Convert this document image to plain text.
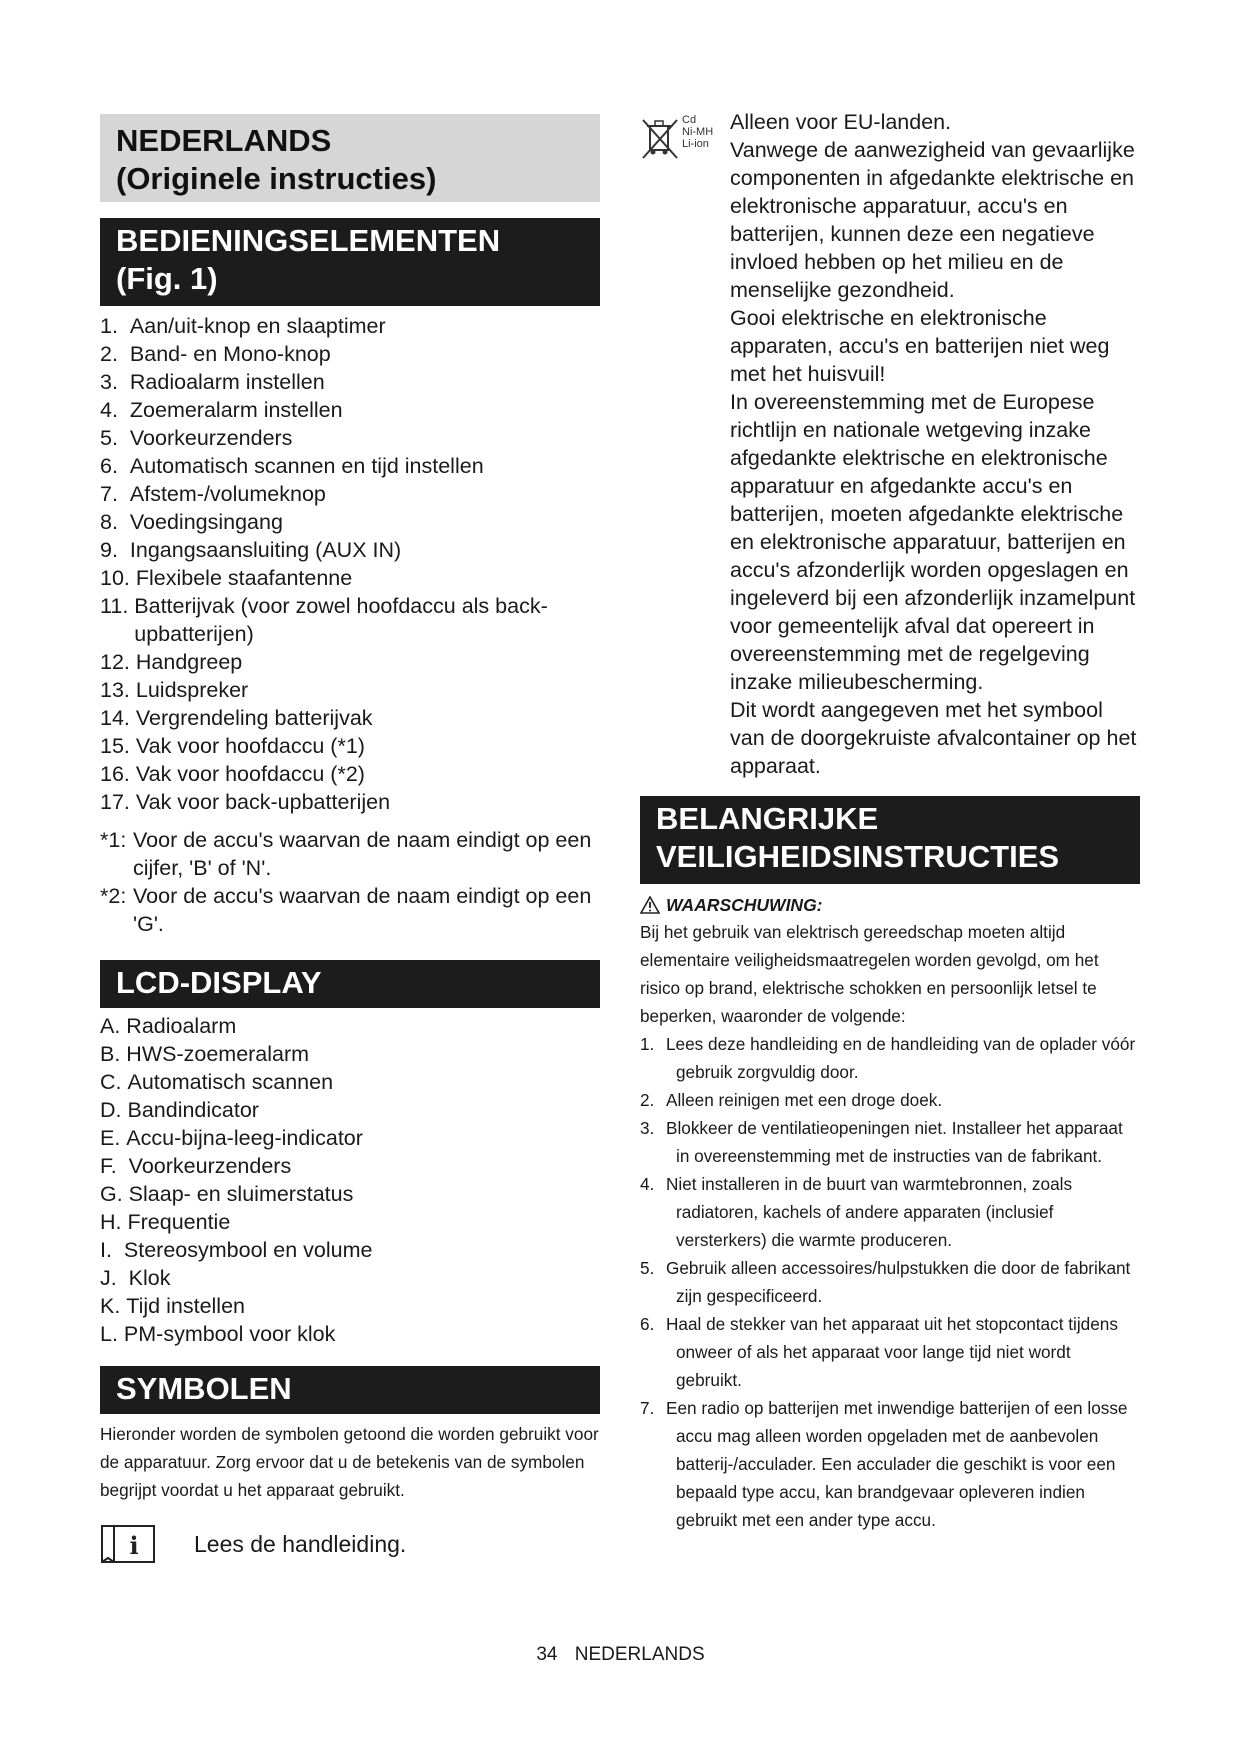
NEDERLANDS
(Originele instructies)
BEDIENINGSELEMENTEN
(Fig. 1)
1. Aan/uit-knop en slaaptimer
2. Band- en Mono-knop
3. Radioalarm instellen
4. Zoemeralarm instellen
5. Voorkeurzenders
6. Automatisch scannen en tijd instellen
7. Afstem-/volumeknop
8. Voedingsingang
9. Ingangsaansluiting (AUX IN)
10. Flexibele staafantenne
11. Batterijvak (voor zowel hoofdaccu als back-upbatterijen)
12. Handgreep
13. Luidspreker
14. Vergrendeling batterijvak
15. Vak voor hoofdaccu (*1)
16. Vak voor hoofdaccu (*2)
17. Vak voor back-upbatterijen
*1: Voor de accu's waarvan de naam eindigt op een cijfer, 'B' of 'N'.
*2: Voor de accu's waarvan de naam eindigt op een 'G'.
LCD-DISPLAY
A. Radioalarm
B. HWS-zoemeralarm
C. Automatisch scannen
D. Bandindicator
E. Accu-bijna-leeg-indicator
F. Voorkeurzenders
G. Slaap- en sluimerstatus
H. Frequentie
I. Stereosymbool en volume
J. Klok
K. Tijd instellen
L. PM-symbool voor klok
SYMBOLEN
Hieronder worden de symbolen getoond die worden gebruikt voor de apparatuur. Zorg ervoor dat u de betekenis van de symbolen begrijpt voordat u het apparaat gebruikt.
i Lees de handleiding.
Cd
Ni-MH
Li-ion
Alleen voor EU-landen.
Vanwege de aanwezigheid van gevaarlijke componenten in afgedankte elektrische en elektronische apparatuur, accu's en batterijen, kunnen deze een negatieve invloed hebben op het milieu en de menselijke gezondheid.
Gooi elektrische en elektronische apparaten, accu's en batterijen niet weg met het huisvuil!
In overeenstemming met de Europese richtlijn en nationale wetgeving inzake afgedankte elektrische en elektronische apparatuur en afgedankte accu's en batterijen, moeten afgedankte elektrische en elektronische apparatuur, batterijen en accu's afzonderlijk worden opgeslagen en ingeleverd bij een afzonderlijk inzamelpunt voor gemeentelijk afval dat opereert in overeenstemming met de regelgeving inzake milieubescherming.
Dit wordt aangegeven met het symbool van de doorgekruiste afvalcontainer op het apparaat.
BELANGRIJKE
VEILIGHEIDSINSTRUCTIES
WAARSCHUWING:
Bij het gebruik van elektrisch gereedschap moeten altijd elementaire veiligheidsmaatregelen worden gevolgd, om het risico op brand, elektrische schokken en persoonlijk letsel te beperken, waaronder de volgende:
1. Lees deze handleiding en de handleiding van de oplader vóór gebruik zorgvuldig door.
2. Alleen reinigen met een droge doek.
3. Blokkeer de ventilatieopeningen niet. Installeer het apparaat in overeenstemming met de instructies van de fabrikant.
4. Niet installeren in de buurt van warmtebronnen, zoals radiatoren, kachels of andere apparaten (inclusief versterkers) die warmte produceren.
5. Gebruik alleen accessoires/hulpstukken die door de fabrikant zijn gespecificeerd.
6. Haal de stekker van het apparaat uit het stopcontact tijdens onweer of als het apparaat voor lange tijd niet wordt gebruikt.
7. Een radio op batterijen met inwendige batterijen of een losse accu mag alleen worden opgeladen met de aanbevolen batterij-/acculader. Een acculader die geschikt is voor een bepaald type accu, kan brandgevaar opleveren indien gebruikt met een ander type accu.
34 NEDERLANDS
